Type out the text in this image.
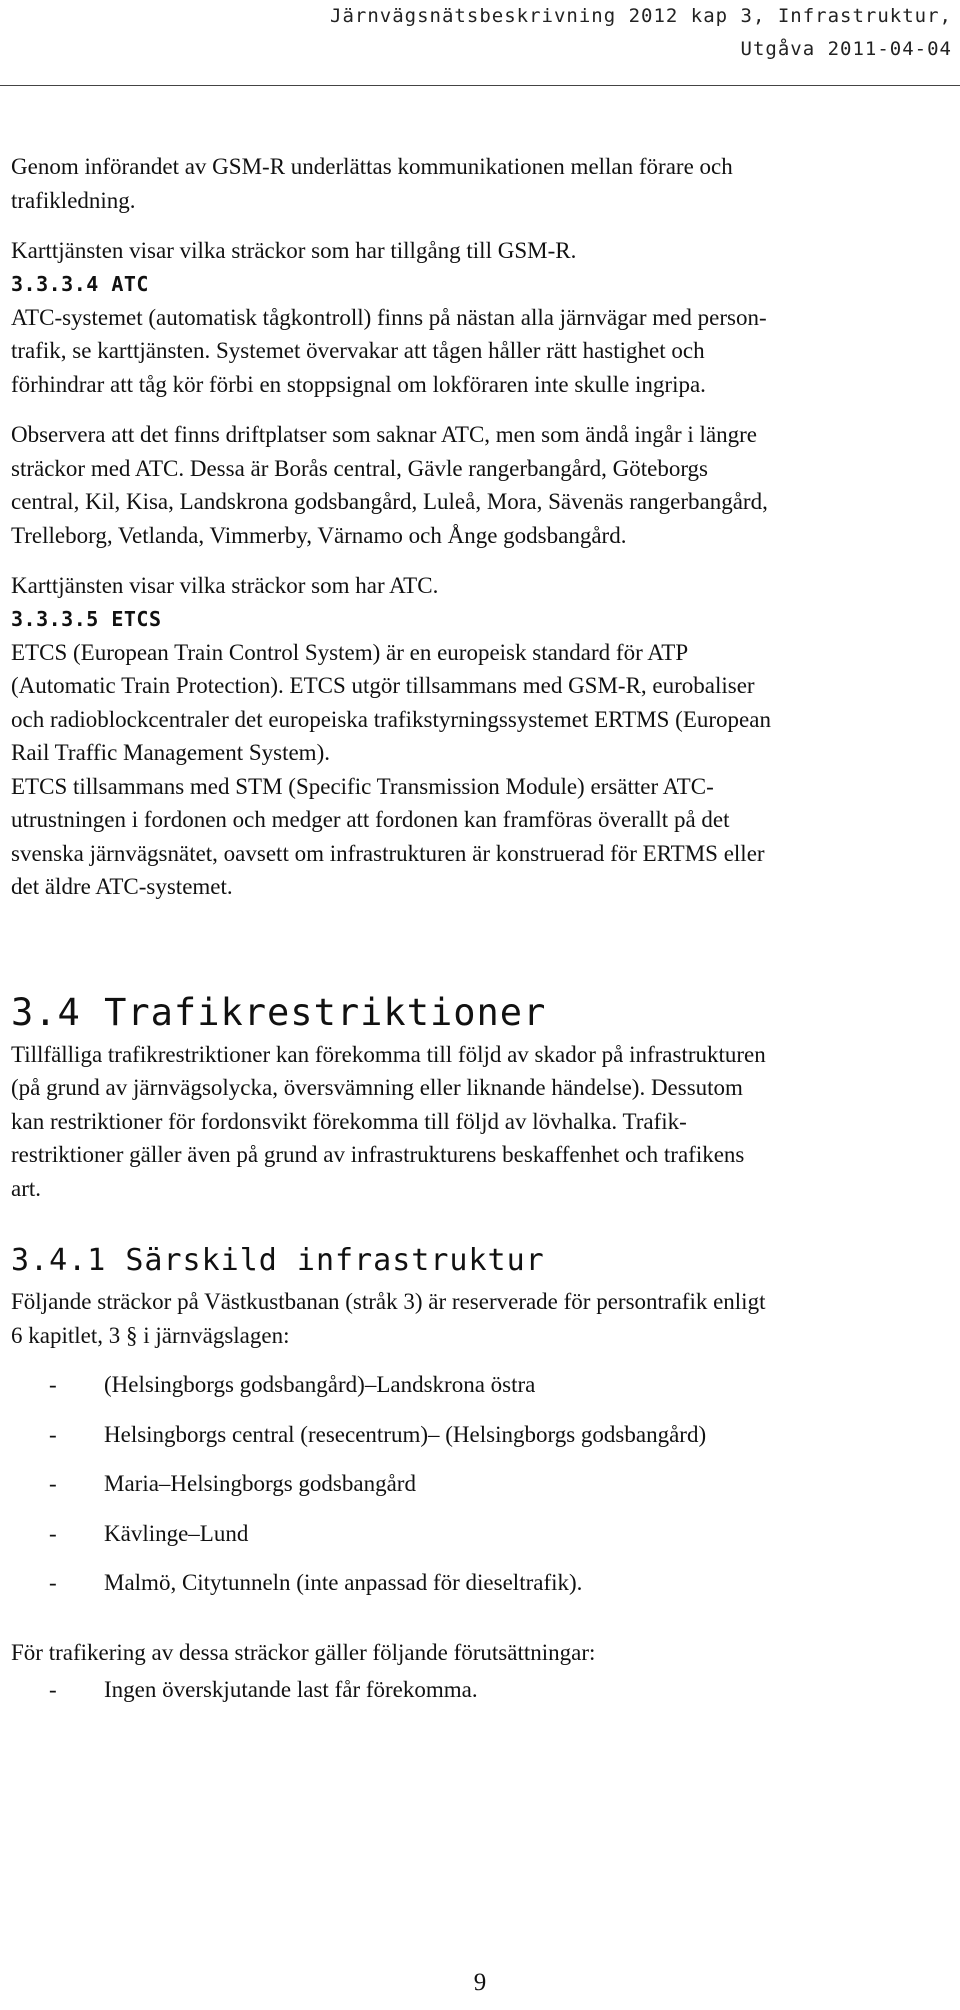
Järnvägsnätsbeskrivning 2012 kap 3, Infrastruktur,
Utgåva 2011-04-04

Genom införandet av GSM-R underlättas kommunikationen mellan förare och
trafikledning.

Karttjänsten visar vilka sträckor som har tillgång till GSM-R.

3.3.3.4 ATC

ATC-systemet (automatisk tågkontroll) finns på nästan alla järnvägar med person-
trafik, se karttjänsten. Systemet övervakar att tågen håller rätt hastighet och
förhindrar att tåg kör förbi en stoppsignal om lokföraren inte skulle ingripa.

Observera att det finns driftplatser som saknar ATC, men som ändå ingår i längre
sträckor med ATC. Dessa är Borås central, Gävle rangerbangård, Göteborgs
central, Kil, Kisa, Landskrona godsbangård, Luleå, Mora, Sävenäs rangerbangård,
Trelleborg, Vetlanda, Vimmerby, Värnamo och Ånge godsbangård.

Karttjänsten visar vilka sträckor som har ATC.

3.3.3.5 ETCS

ETCS (European Train Control System) är en europeisk standard för ATP
(Automatic Train Protection). ETCS utgör tillsammans med GSM-R, eurobaliser
och radioblockcentraler det europeiska trafikstyrningssystemet ERTMS (European
Rail Traffic Management System).

ETCS tillsammans med STM (Specific Transmission Module) ersätter ATC-
utrustningen i fordonen och medger att fordonen kan framföras överallt på det
svenska järnvägsnätet, oavsett om infrastrukturen är konstruerad för ERTMS eller
det äldre ATC-systemet.

3.4 Trafikrestriktioner

Tillfälliga trafikrestriktioner kan förekomma till följd av skador på infrastrukturen
(på grund av järnvägsolycka, översvämning eller liknande händelse). Dessutom
kan restriktioner för fordonsvikt förekomma till följd av lövhalka. Trafik-
restriktioner gäller även på grund av infrastrukturens beskaffenhet och trafikens
art.

3.4.1 Särskild infrastruktur

Följande sträckor på Västkustbanan (stråk 3) är reserverade för persontrafik enligt
6 kapitlet, 3 § i järnvägslagen:

-	(Helsingborgs godsbangård)–Landskrona östra
-	Helsingborgs central (resecentrum)– (Helsingborgs godsbangård)
-	Maria–Helsingborgs godsbangård
-	Kävlinge–Lund
-	Malmö, Citytunneln (inte anpassad för dieseltrafik).

För trafikering av dessa sträckor gäller följande förutsättningar:

-	Ingen överskjutande last får förekomma.
9
